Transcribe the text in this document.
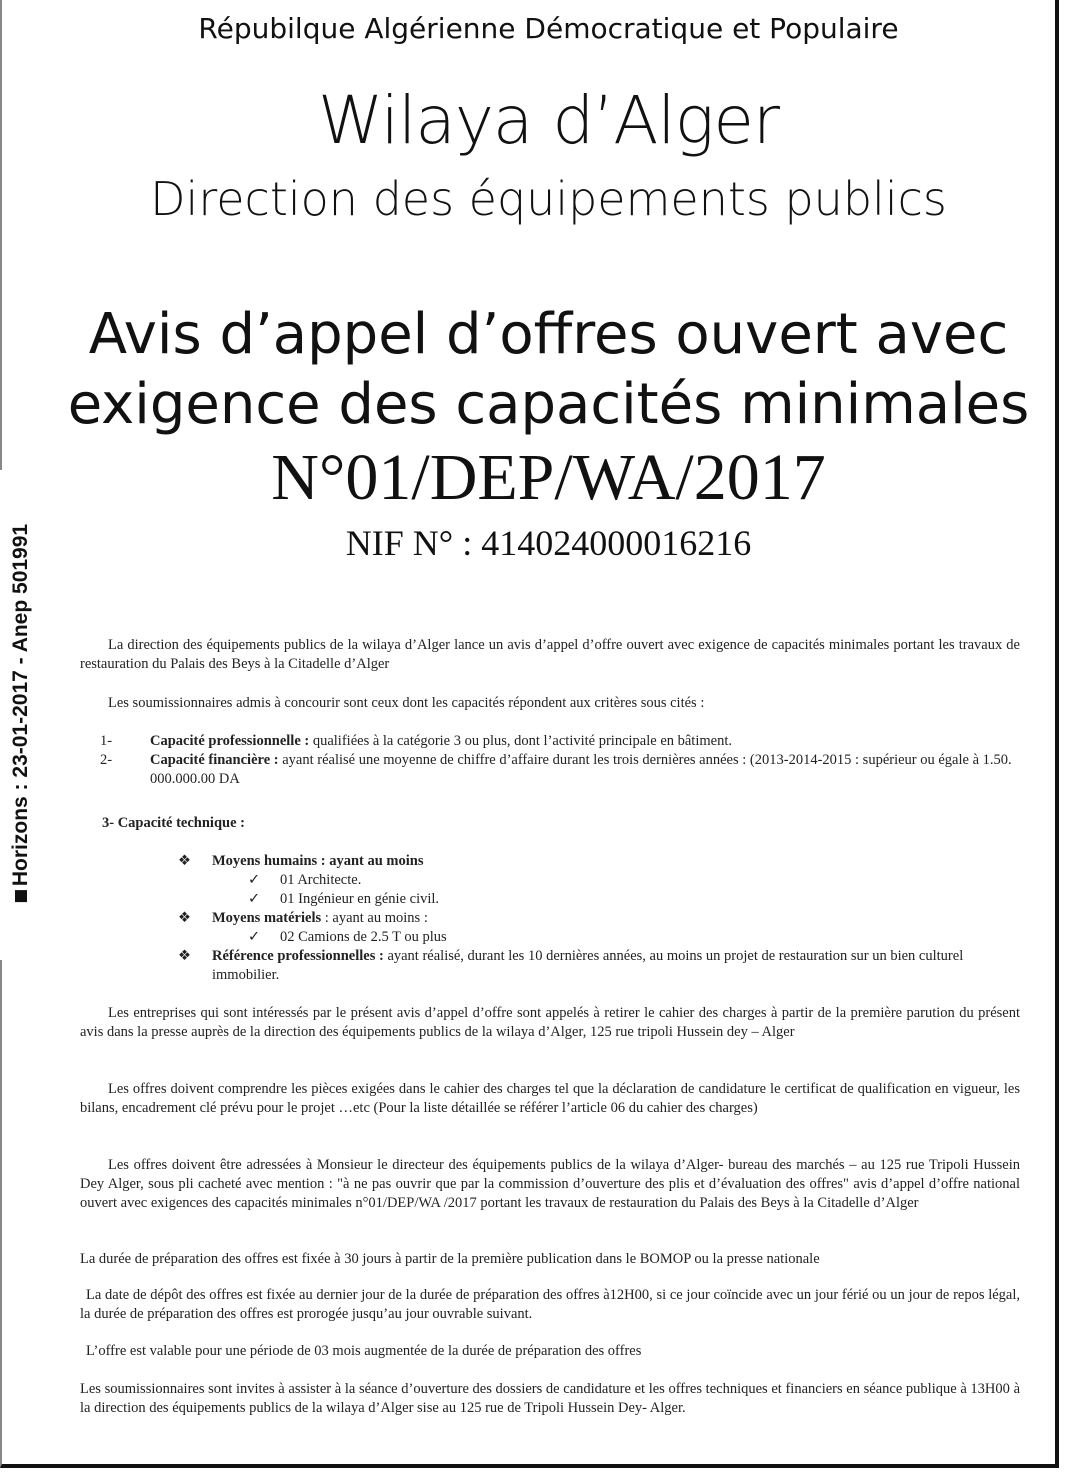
Horizons : 23-01-2017 - Anep 501991
Répubilque Algérienne Démocratique et Populaire
Wilaya d’Alger
Direction des équipements publics
Avis d’appel d’offres ouvert avec
exigence des capacités minimales
N°01/DEP/WA/2017
NIF N° : 414024000016216

La direction des équipements publics de la wilaya d’Alger lance un avis d’appel d’offre ouvert avec exigence de capacités minimales portant les travaux de restauration du Palais des Beys à la Citadelle d’Alger

Les soumissionnaires admis à concourir sont ceux dont les capacités répondent aux critères sous cités :

1-	Capacité professionnelle : qualifiées à la catégorie 3 ou plus, dont l’activité principale en bâtiment.
2-	Capacité financière : ayant réalisé une moyenne de chiffre d’affaire durant les trois dernières années : (2013-2014-2015 : supérieur ou égale à 1.50. 000.000.00 DA
3- Capacité technique :
❖	Moyens humains : ayant au moins
✓ 01 Architecte.
✓ 01 Ingénieur en génie civil.
❖	Moyens matériels : ayant au moins :
✓ 02 Camions de 2.5 T ou plus
❖	Référence professionnelles : ayant réalisé, durant les 10 dernières années, au moins un projet de restauration sur un bien culturel immobilier.

Les entreprises qui sont intéressés par le présent avis d’appel d’offre sont appelés à retirer le cahier des charges à partir de la première parution du présent avis dans la presse auprès de la direction des équipements publics de la wilaya d’Alger, 125 rue tripoli Hussein dey – Alger

Les offres doivent comprendre les pièces exigées dans le cahier des charges tel que la déclaration de candidature le certificat de qualification en vigueur, les bilans, encadrement clé prévu pour le projet …etc (Pour la liste détaillée se référer l’article 06 du cahier des charges)

Les offres doivent être adressées à Monsieur le directeur des équipements publics de la wilaya d’Alger- bureau des marchés – au 125 rue Tripoli Hussein Dey Alger, sous pli cacheté avec mention : "à ne pas ouvrir que par la commission d’ouverture des plis et d’évaluation des offres" avis d’appel d’offre national ouvert avec exigences des capacités minimales n°01/DEP/WA /2017 portant les travaux de restauration du Palais des Beys à la Citadelle d’Alger

La durée de préparation des offres est fixée à 30 jours à partir de la première publication dans le BOMOP ou la presse nationale

La date de dépôt des offres est fixée au dernier jour de la durée de préparation des offres à12H00, si ce jour coïncide avec un jour férié ou un jour de repos légal, la durée de préparation des offres est prorogée jusqu’au jour ouvrable suivant.

L’offre est valable pour une période de 03 mois augmentée de la durée de préparation des offres

Les soumissionnaires sont invites à assister à la séance d’ouverture des dossiers de candidature et les offres techniques et financiers en séance publique à 13H00 à la direction des équipements publics de la wilaya d’Alger sise au 125 rue de Tripoli Hussein Dey- Alger.
